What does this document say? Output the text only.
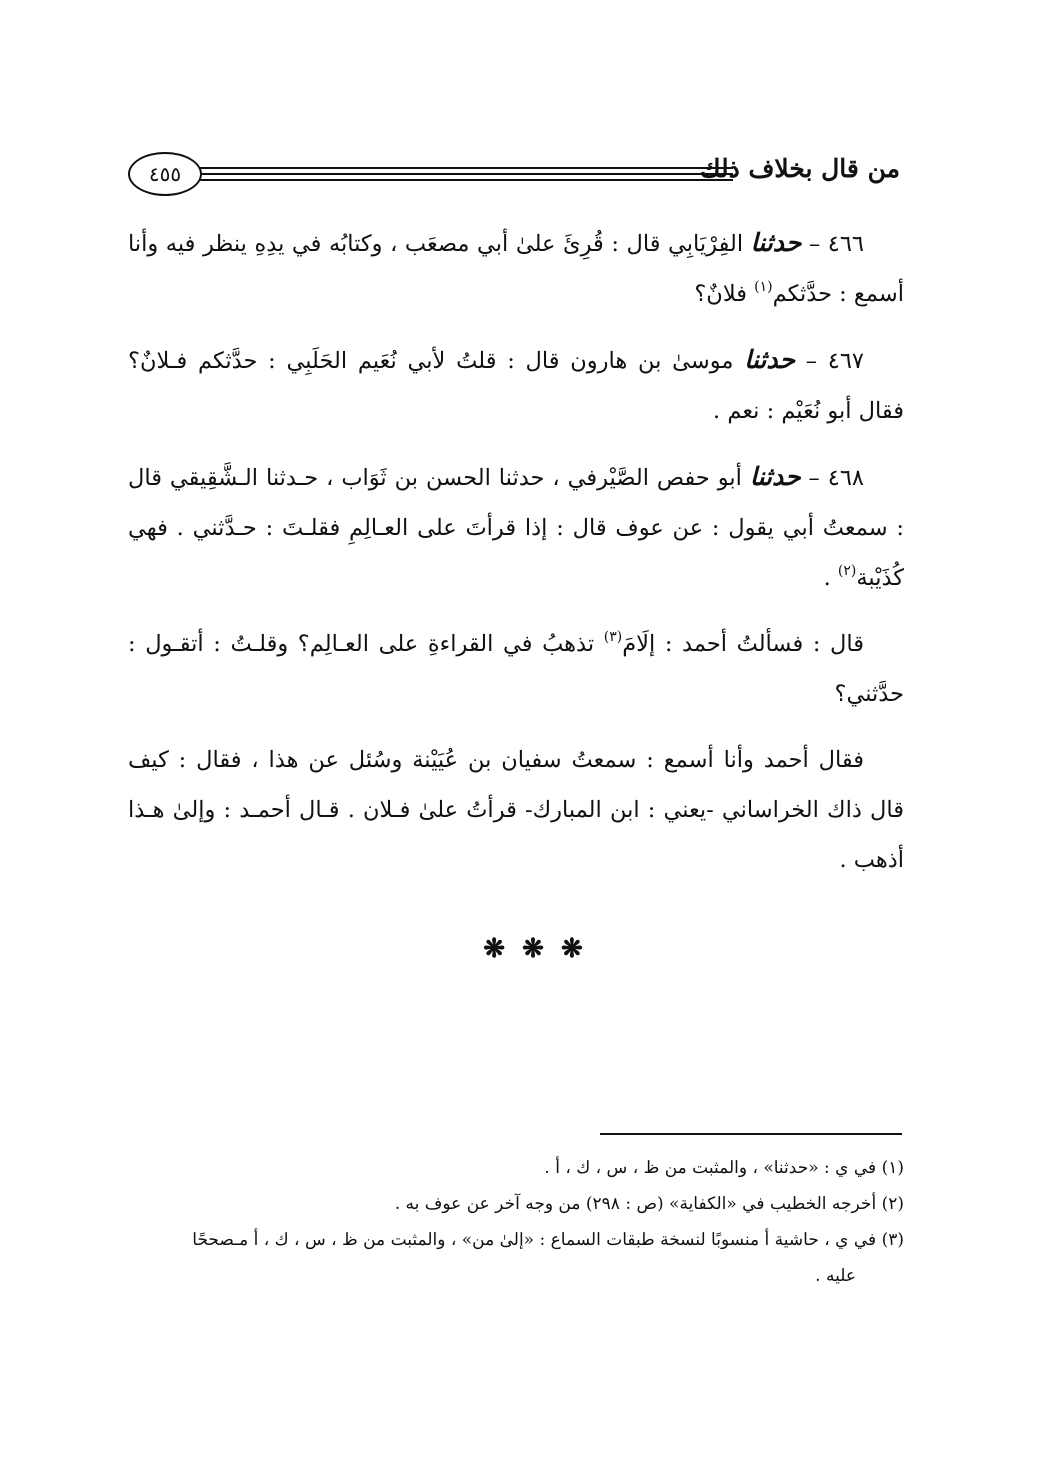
٤٥٥	من قال بخلاف ذلك

٤٦٦ – حدثنا الفِرْيَابِي قال : قُرِئَ علىٰ أبي مصعَب ، وكتابُه في يدِهِ ينظر فيه وأنا أسمع : حدَّثكم$^{(١)}$ فلانٌ؟

٤٦٧ – حدثنا موسىٰ بن هارون قال : قلتُ لأبي نُعَيم الحَلَبِي : حدَّثكم فـلانٌ؟ فقال أبو نُعَيْم : نعم .

٤٦٨ – حدثنا أبو حفص الصَّيْرفي ، حدثنا الحسن بن ثَوَاب ، حـدثنا الـشَّقِيقي قال : سمعتُ أبي يقول : عن عوف قال : إذا قرأتَ على العـالِمِ فقلـتَ : حـدَّثني . فهي كُذَيْبة$^{(٢)}$ .

قال : فسألتُ أحمد : إلَامَ$^{(٣)}$ تذهبُ في القراءةِ على العـالِم؟ وقلـتُ : أتقـول : حدَّثني؟

فقال أحمد وأنا أسمع : سمعتُ سفيان بن عُيَيْنة وسُئل عن هذا ، فقال : كيف قال ذاك الخراساني -يعني : ابن المبارك- قرأتُ علىٰ فـلان . قـال أحمـد : وإلىٰ هـذا أذهب .

❋ ❋ ❋

(١) في ي : «حدثنا» ، والمثبت من ظ ، س ، ك ، أ .

(٢) أخرجه الخطيب في «الكفاية» (ص : ٢٩٨) من وجه آخر عن عوف به .

(٣) في ي ، حاشية أ منسوبًا لنسخة طبقات السماع : «إلىٰ من» ، والمثبت من ظ ، س ، ك ، أ مـصححًا
عليه .
